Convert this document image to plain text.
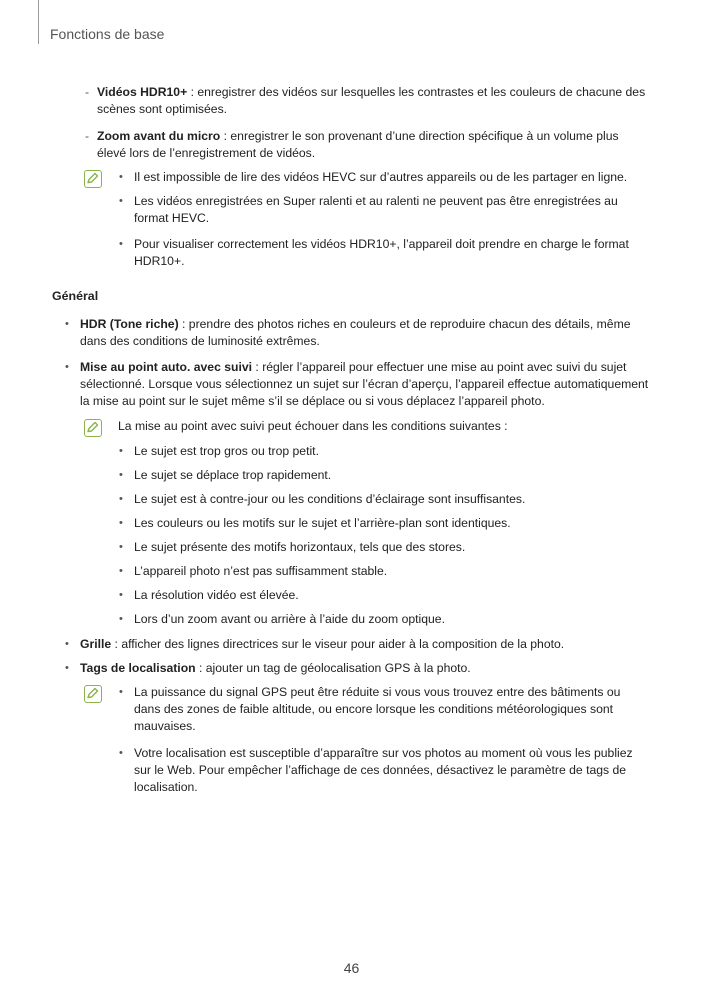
Fonctions de base
- Vidéos HDR10+ : enregistrer des vidéos sur lesquelles les contrastes et les couleurs de chacune des scènes sont optimisées.
- Zoom avant du micro : enregistrer le son provenant d’une direction spécifique à un volume plus élevé lors de l’enregistrement de vidéos.
• Il est impossible de lire des vidéos HEVC sur d’autres appareils ou de les partager en ligne.
• Les vidéos enregistrées en Super ralenti et au ralenti ne peuvent pas être enregistrées au format HEVC.
• Pour visualiser correctement les vidéos HDR10+, l’appareil doit prendre en charge le format HDR10+.
Général
• HDR (Tone riche) : prendre des photos riches en couleurs et de reproduire chacun des détails, même dans des conditions de luminosité extrêmes.
• Mise au point auto. avec suivi : régler l’appareil pour effectuer une mise au point avec suivi du sujet sélectionné. Lorsque vous sélectionnez un sujet sur l’écran d’aperçu, l’appareil effectue automatiquement la mise au point sur le sujet même s’il se déplace ou si vous déplacez l’appareil photo.
La mise au point avec suivi peut échouer dans les conditions suivantes :
• Le sujet est trop gros ou trop petit.
• Le sujet se déplace trop rapidement.
• Le sujet est à contre-jour ou les conditions d’éclairage sont insuffisantes.
• Les couleurs ou les motifs sur le sujet et l’arrière-plan sont identiques.
• Le sujet présente des motifs horizontaux, tels que des stores.
• L’appareil photo n’est pas suffisamment stable.
• La résolution vidéo est élevée.
• Lors d’un zoom avant ou arrière à l’aide du zoom optique.
• Grille : afficher des lignes directrices sur le viseur pour aider à la composition de la photo.
• Tags de localisation : ajouter un tag de géolocalisation GPS à la photo.
• La puissance du signal GPS peut être réduite si vous vous trouvez entre des bâtiments ou dans des zones de faible altitude, ou encore lorsque les conditions météorologiques sont mauvaises.
• Votre localisation est susceptible d’apparaître sur vos photos au moment où vous les publiez sur le Web. Pour empêcher l’affichage de ces données, désactivez le paramètre de tags de localisation.
46
